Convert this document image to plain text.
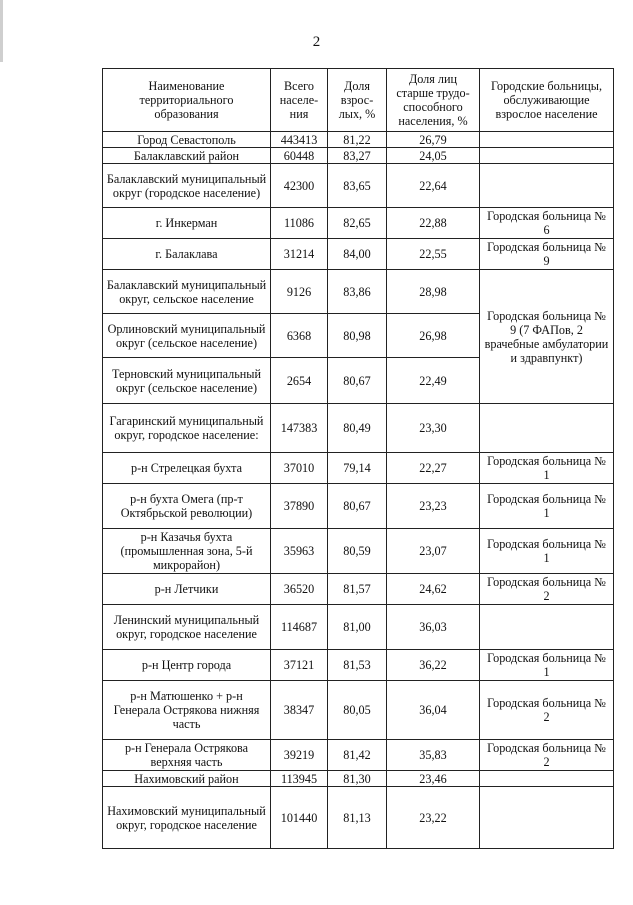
2
Наименование территориального образования	Всего населе-ния	Доля взрос-лых, %	Доля лиц старше трудо-способного населения, %	Городские больницы, обслуживающие взрослое население
Город Севастополь	443413	81,22	26,79	
Балаклавский район	60448	83,27	24,05	
Балаклавский муниципальный округ (городское население)	42300	83,65	22,64	
г. Инкерман	11086	82,65	22,88	Городская больница № 6
г. Балаклава	31214	84,00	22,55	Городская больница № 9
Балаклавский муниципальный округ, сельское население	9126	83,86	28,98	Городская больница № 9 (7 ФАПов, 2 врачебные амбулатории и здравпункт)
Орлиновский муниципальный округ (сельское население)	6368	80,98	26,98	
Терновский муниципальный округ (сельское население)	2654	80,67	22,49	
Гагаринский муниципальный округ, городское население:	147383	80,49	23,30	
р-н Стрелецкая бухта	37010	79,14	22,27	Городская больница № 1
р-н бухта Омега (пр-т Октябрьской революции)	37890	80,67	23,23	Городская больница № 1
р-н Казачья бухта (промышленная зона, 5-й микрорайон)	35963	80,59	23,07	Городская больница № 1
р-н Летчики	36520	81,57	24,62	Городская больница № 2
Ленинский муниципальный округ, городское население	114687	81,00	36,03	
р-н Центр города	37121	81,53	36,22	Городская больница № 1
р-н Матюшенко + р-н Генерала Острякова нижняя часть	38347	80,05	36,04	Городская больница № 2
р-н Генерала Острякова верхняя часть	39219	81,42	35,83	Городская больница № 2
Нахимовский район	113945	81,30	23,46	
Нахимовский муниципальный округ, городское население	101440	81,13	23,22	
